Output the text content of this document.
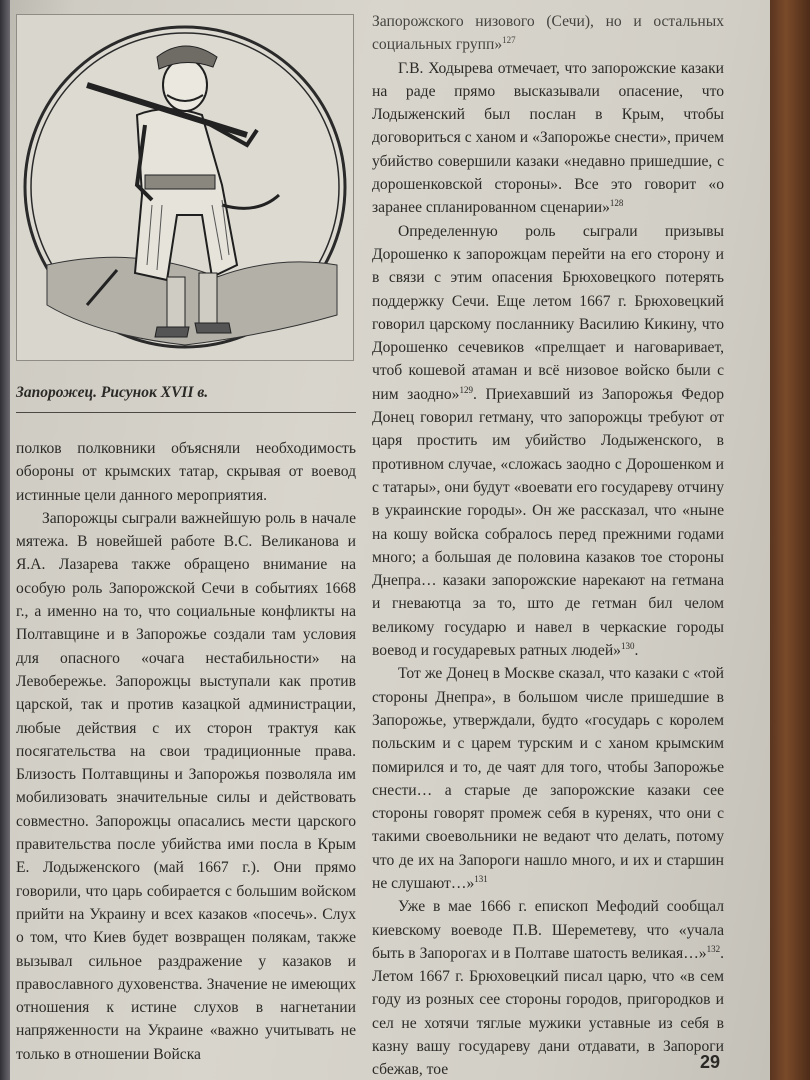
Запорожец. Рисунок XVII в.

полков полковники объясняли необходимость обороны от крымских татар, скрывая от воевод истинные цели данного мероприятия.

Запорожцы сыграли важнейшую роль в начале мятежа. В новейшей работе В.С. Великанова и Я.А. Лазарева также обращено внимание на особую роль Запорожской Сечи в событиях 1668 г., а именно на то, что социальные конфликты на Полтавщине и в Запорожье создали там условия для опасного «очага нестабильности» на Левобережье. Запорожцы выступали как против царской, так и против казацкой администрации, любые действия с их сторон трактуя как посягательства на свои традиционные права. Близость Полтавщины и Запорожья позволяла им мобилизовать значительные силы и действовать совместно. Запорожцы опасались мести царского правительства после убийства ими посла в Крым Е. Лодыженского (май 1667 г.). Они прямо говорили, что царь собирается с большим войском прийти на Украину и всех казаков «посечь». Слух о том, что Киев будет возвращен полякам, также вызывал сильное раздражение у казаков и православного духовенства. Значение не имеющих отношения к истине слухов в нагнетании напряженности на Украине «важно учитывать не только в отношении Войска

Запорожского низового (Сечи), но и остальных социальных групп»$^{127}$

Г.В. Ходырева отмечает, что запорожские казаки на раде прямо высказывали опасение, что Лодыженский был послан в Крым, чтобы договориться с ханом и «Запорожье снести», причем убийство совершили казаки «недавно пришедшие, с дорошенковской стороны». Все это говорит «о заранее спланированном сценарии»$^{128}$

Определенную роль сыграли призывы Дорошенко к запорожцам перейти на его сторону и в связи с этим опасения Брюховецкого потерять поддержку Сечи. Еще летом 1667 г. Брюховецкий говорил царскому посланнику Василию Кикину, что Дорошенко сечевиков «прелщает и наговаривает, чтоб кошевой атаман и всё низовое войско были с ним заодно»$^{129}$. Приехавший из Запорожья Федор Донец говорил гетману, что запорожцы требуют от царя простить им убийство Лодыженского, в противном случае, «сложась заодно с Дорошенком и с татары», они будут «воевати его государеву отчину в украинские городы». Он же рассказал, что «ныне на кошу войска собралось перед прежними годами много; а большая де половина казаков тое стороны Днепра… казаки запорожские нарекают на гетмана и гневаютца за то, што де гетман бил челом великому государю и навел в черкаские городы воевод и государевых ратных людей»$^{130}$.

Тот же Донец в Москве сказал, что казаки с «той стороны Днепра», в большом числе пришедшие в Запорожье, утверждали, будто «государь с королем польским и с царем турским и с ханом крымским помирился и то, де чаят для того, чтобы Запорожье снести… а старые де запорожские казаки сее стороны говорят промеж себя в куренях, что они с такими своевольники не ведают что делать, потому что де их на Запороги нашло много, и их и старшин не слушают…»$^{131}$

Уже в мае 1666 г. епископ Мефодий сообщал киевскому воеводе П.В. Шереметеву, что «учала быть в Запорогах и в Полтаве шатость великая…»$^{132}$. Летом 1667 г. Брюховецкий писал царю, что «в сем году из розных сее стороны городов, пригородков и сел не хотячи тяглые мужики уставные из себя в казну вашу государеву дани отдавати, в Запороги сбежав, тое	29
